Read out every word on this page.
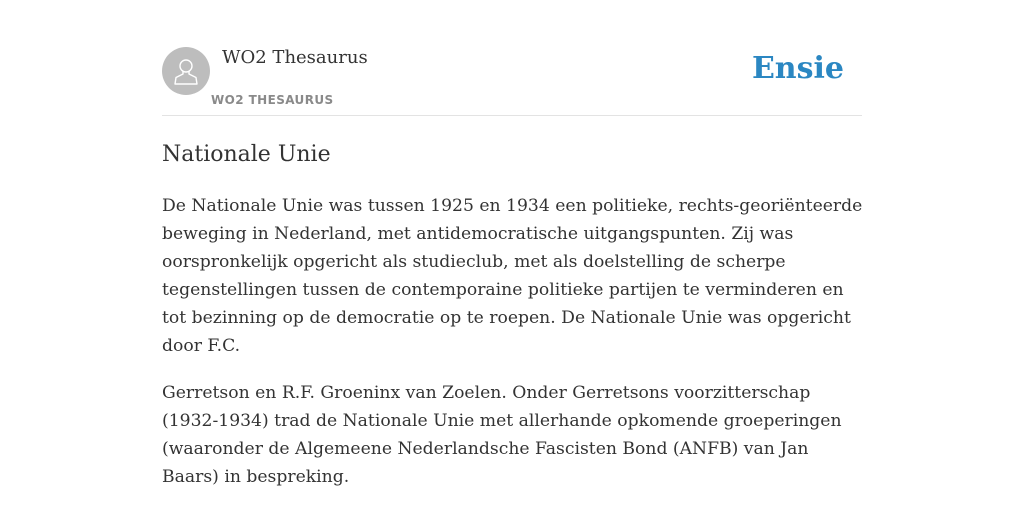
WO2 Thesaurus
WO2 THESAURUS
Ensie
Nationale Unie

De Nationale Unie was tussen 1925 en 1934 een politieke, rechts-georiënteerde beweging in Nederland, met antidemocratische uitgangspunten. Zij was oorspronkelijk opgericht als studieclub, met als doelstelling de scherpe tegenstellingen tussen de contemporaine politieke partijen te verminderen en tot bezinning op de democratie op te roepen. De Nationale Unie was opgericht door F.C.

Gerretson en R.F. Groeninx van Zoelen. Onder Gerretsons voorzitterschap (1932-1934) trad de Nationale Unie met allerhande opkomende groeperingen (waaronder de Algemeene Nederlandsche Fascisten Bond (ANFB) van Jan Baars) in bespreking.
